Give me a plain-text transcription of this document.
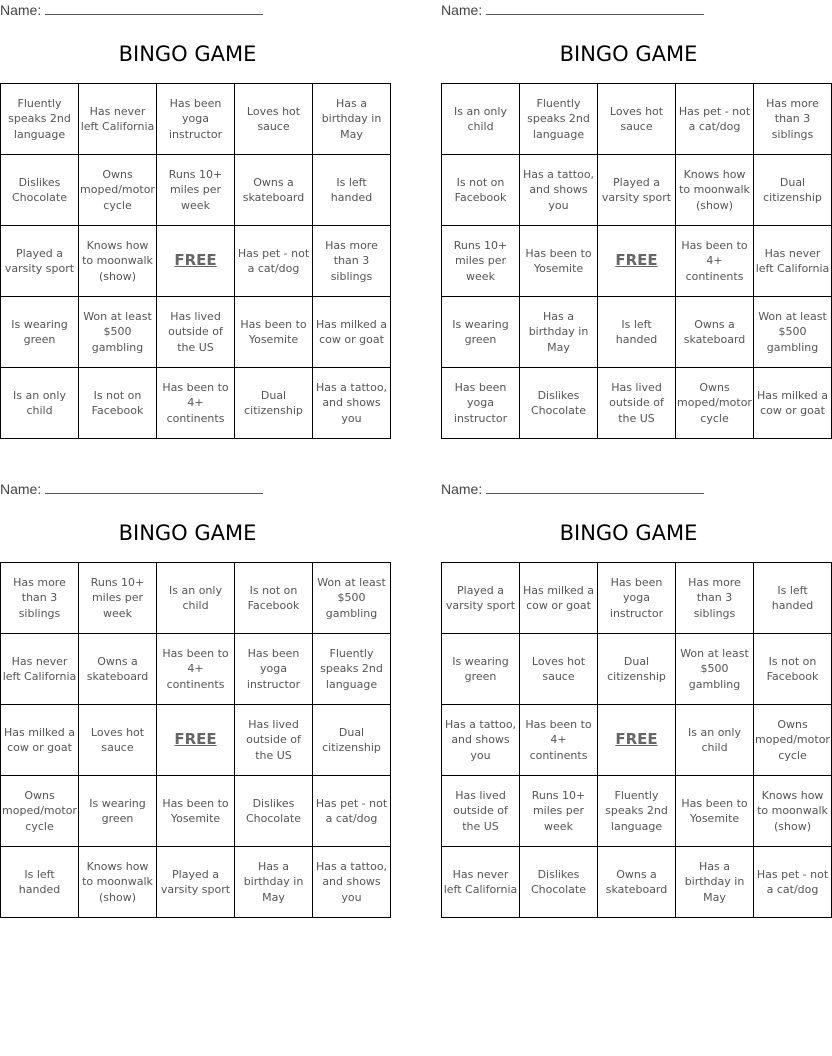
Name:
BINGO GAME
Fluently speaks 2nd language	Has never left California	Has been yoga instructor	Loves hot sauce	Has a birthday in May
Dislikes Chocolate	Owns moped/motor cycle	Runs 10+ miles per week	Owns a skateboard	Is left handed
Played a varsity sport	Knows how to moonwalk (show)	FREE	Has pet - not a cat/dog	Has more than 3 siblings
Is wearing green	Won at least $500 gambling	Has lived outside of the US	Has been to Yosemite	Has milked a cow or goat
Is an only child	Is not on Facebook	Has been to 4+ continents	Dual citizenship	Has a tattoo, and shows you
Name:
BINGO GAME
Is an only child	Fluently speaks 2nd language	Loves hot sauce	Has pet - not a cat/dog	Has more than 3 siblings
Is not on Facebook	Has a tattoo, and shows you	Played a varsity sport	Knows how to moonwalk (show)	Dual citizenship
Runs 10+ miles per week	Has been to Yosemite	FREE	Has been to 4+ continents	Has never left California
Is wearing green	Has a birthday in May	Is left handed	Owns a skateboard	Won at least $500 gambling
Has been yoga instructor	Dislikes Chocolate	Has lived outside of the US	Owns moped/motor cycle	Has milked a cow or goat
Name:
BINGO GAME
Has more than 3 siblings	Runs 10+ miles per week	Is an only child	Is not on Facebook	Won at least $500 gambling
Has never left California	Owns a skateboard	Has been to 4+ continents	Has been yoga instructor	Fluently speaks 2nd language
Has milked a cow or goat	Loves hot sauce	FREE	Has lived outside of the US	Dual citizenship
Owns moped/motor cycle	Is wearing green	Has been to Yosemite	Dislikes Chocolate	Has pet - not a cat/dog
Is left handed	Knows how to moonwalk (show)	Played a varsity sport	Has a birthday in May	Has a tattoo, and shows you
Name:
BINGO GAME
Played a varsity sport	Has milked a cow or goat	Has been yoga instructor	Has more than 3 siblings	Is left handed
Is wearing green	Loves hot sauce	Dual citizenship	Won at least $500 gambling	Is not on Facebook
Has a tattoo, and shows you	Has been to 4+ continents	FREE	Is an only child	Owns moped/motor cycle
Has lived outside of the US	Runs 10+ miles per week	Fluently speaks 2nd language	Has been to Yosemite	Knows how to moonwalk (show)
Has never left California	Dislikes Chocolate	Owns a skateboard	Has a birthday in May	Has pet - not a cat/dog
